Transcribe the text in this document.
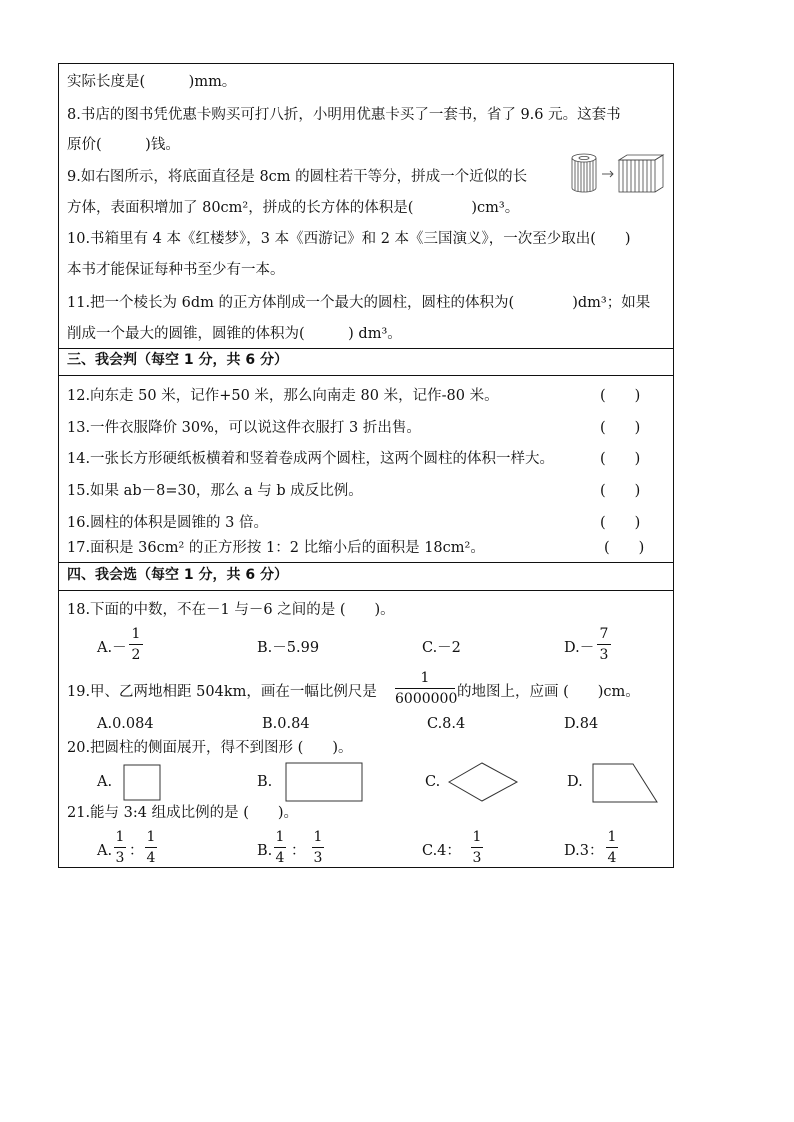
实际长度是(　　　)mm。
8.书店的图书凭优惠卡购买可打八折，小明用优惠卡买了一套书，省了 9.6 元。这套书
原价(　　　)钱。
9.如右图所示，将底面直径是 8cm 的圆柱若干等分，拼成一个近似的长
方体，表面积增加了 80cm²，拼成的长方体的体积是(　　　　)cm³。
10.书箱里有 4 本《红楼梦》，3 本《西游记》和 2 本《三国演义》，一次至少取出(　　)
本书才能保证每种书至少有一本。
11.把一个棱长为 6dm 的正方体削成一个最大的圆柱，圆柱的体积为(　　　　)dm³；如果
削成一个最大的圆锥，圆锥的体积为(　　　) dm³。
三、我会判（每空 1 分，共 6 分）
12.向东走 50 米，记作+50 米，那么向南走 80 米，记作-80 米。	(　　)
13.一件衣服降价 30%，可以说这件衣服打 3 折出售。	(　　)
14.一张长方形硬纸板横着和竖着卷成两个圆柱，这两个圆柱的体积一样大。	(　　)
15.如果 ab－8=30，那么 a 与 b 成反比例。	(　　)
16.圆柱的体积是圆锥的 3 倍。	(　　)
17.面积是 36cm² 的正方形按 1：2 比缩小后的面积是 18cm²。	(　　)
四、我会选（每空 1 分，共 6 分）
18.下面的中数，不在－1 与－6 之间的是 (　　)。
A.－
1
2	B.－5.99	C.－2	D.－
7
3
19.甲、乙两地相距 504km，画在一幅比例尺是
1
6000000 的地图上，应画 (　　)cm。
A.0.084	B.0.84	C.8.4	D.84
20.把圆柱的侧面展开，得不到图形 (　　)。
A.	B.	C.	D.
21.能与 3:4 组成比例的是 (　　)。
A.
1
3 ：
1
4	B.
1
4 ：
1
3	C.4：
1
3	D.3：
1
4
